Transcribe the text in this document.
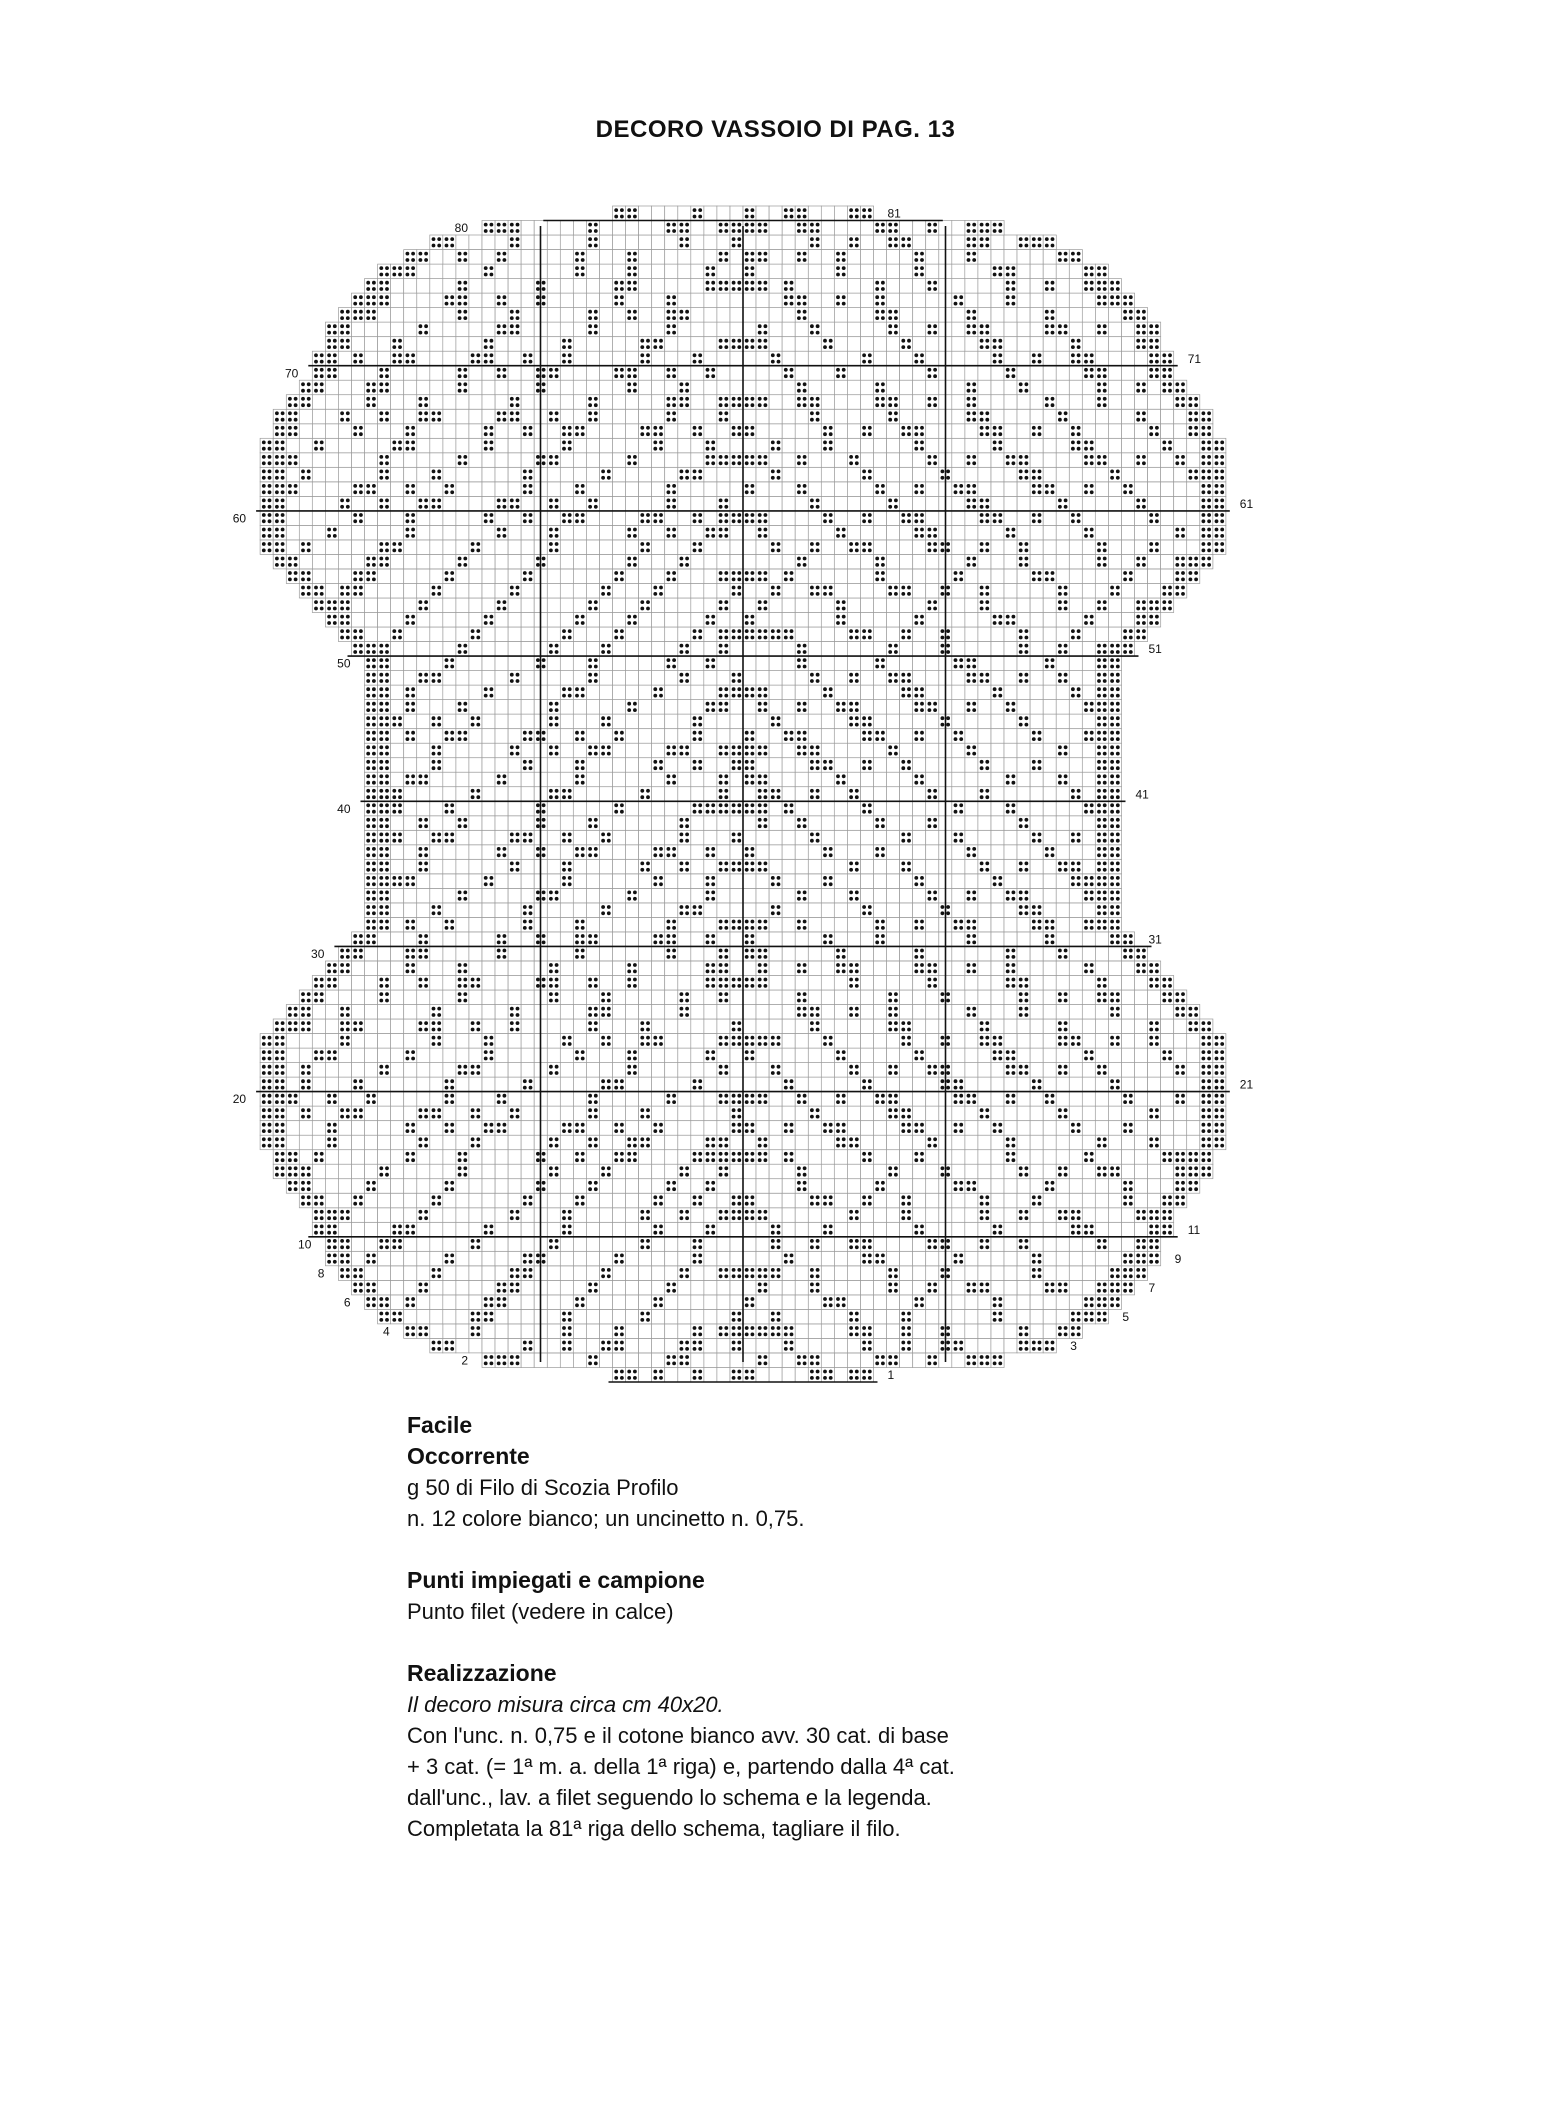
DECORO VASSOIO DI PAG. 13
1
2
3
4
5
6
7
8
9
10
11
20
21
30
31
40
41
50
51
60
61
70
71
80
81

Facile

Occorrente

g 50 di Filo di Scozia Profilo

n. 12 colore bianco; un uncinetto n. 0,75.

Punti impiegati e campione

Punto filet (vedere in calce)

Realizzazione

Il decoro misura circa cm 40x20.

Con l'unc. n. 0,75 e il cotone bianco avv. 30 cat. di base

+ 3 cat. (= 1ª m. a. della 1ª riga) e, partendo dalla 4ª cat.

dall'unc., lav. a filet seguendo lo schema e la legenda.

Completata la 81ª riga dello schema, tagliare il filo.
